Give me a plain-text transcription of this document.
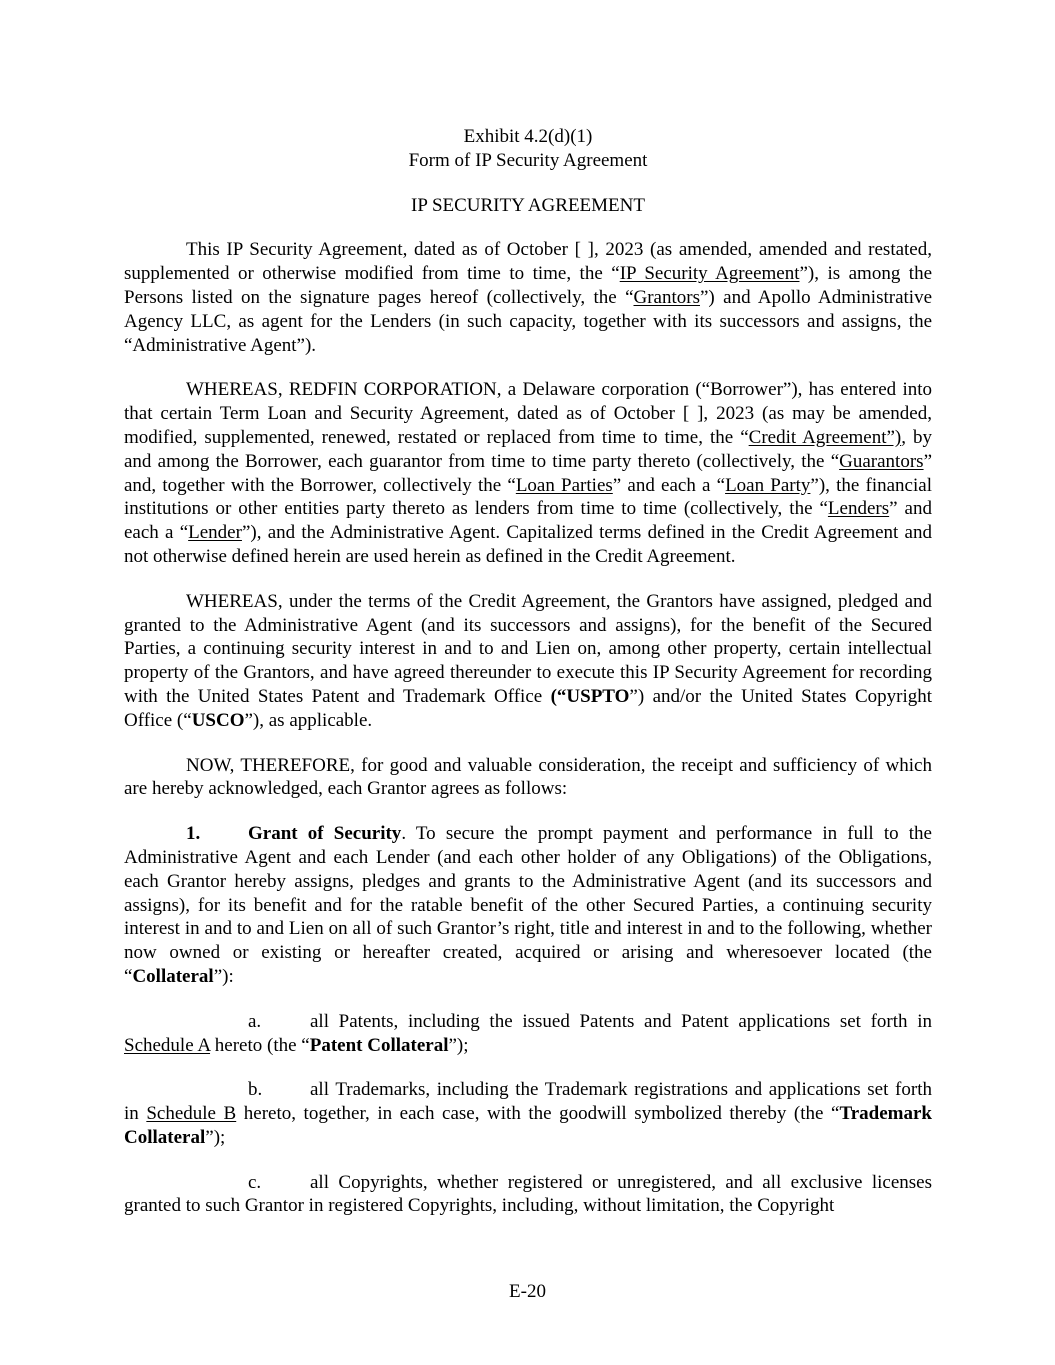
Exhibit 4.2(d)(1)

Form of IP Security Agreement

IP SECURITY AGREEMENT

This IP Security Agreement, dated as of October [ ], 2023 (as amended, amended and restated, supplemented or otherwise modified from time to time, the “IP Security Agreement”), is among the Persons listed on the signature pages hereof (collectively, the “Grantors”) and Apollo Administrative Agency LLC, as agent for the Lenders (in such capacity, together with its successors and assigns, the “Administrative Agent”).

WHEREAS, REDFIN CORPORATION, a Delaware corporation (“Borrower”), has entered into that certain Term Loan and Security Agreement, dated as of October [ ], 2023 (as may be amended, modified, supplemented, renewed, restated or replaced from time to time, the “Credit Agreement”), by and among the Borrower, each guarantor from time to time party thereto (collectively, the “Guarantors” and, together with the Borrower, collectively the “Loan Parties” and each a “Loan Party”), the financial institutions or other entities party thereto as lenders from time to time (collectively, the “Lenders” and each a “Lender”), and the Administrative Agent. Capitalized terms defined in the Credit Agreement and not otherwise defined herein are used herein as defined in the Credit Agreement.

WHEREAS, under the terms of the Credit Agreement, the Grantors have assigned, pledged and granted to the Administrative Agent (and its successors and assigns), for the benefit of the Secured Parties, a continuing security interest in and to and Lien on, among other property, certain intellectual property of the Grantors, and have agreed thereunder to execute this IP Security Agreement for recording with the United States Patent and Trademark Office (“USPTO”) and/or the United States Copyright Office (“USCO”), as applicable.

NOW, THEREFORE, for good and valuable consideration, the receipt and sufficiency of which are hereby acknowledged, each Grantor agrees as follows:

1.	Grant of Security. To secure the prompt payment and performance in full to the Administrative Agent and each Lender (and each other holder of any Obligations) of the Obligations, each Grantor hereby assigns, pledges and grants to the Administrative Agent (and its successors and assigns), for its benefit and for the ratable benefit of the other Secured Parties, a continuing security interest in and to and Lien on all of such Grantor’s right, title and interest in and to the following, whether now owned or existing or hereafter created, acquired or arising and wheresoever located (the “Collateral”):

a.	all Patents, including the issued Patents and Patent applications set forth in Schedule A hereto (the “Patent Collateral”);

b.	all Trademarks, including the Trademark registrations and applications set forth in Schedule B hereto, together, in each case, with the goodwill symbolized thereby (the “Trademark Collateral”);

c.	all Copyrights, whether registered or unregistered, and all exclusive licenses granted to such Grantor in registered Copyrights, including, without limitation, the Copyright

E-20
